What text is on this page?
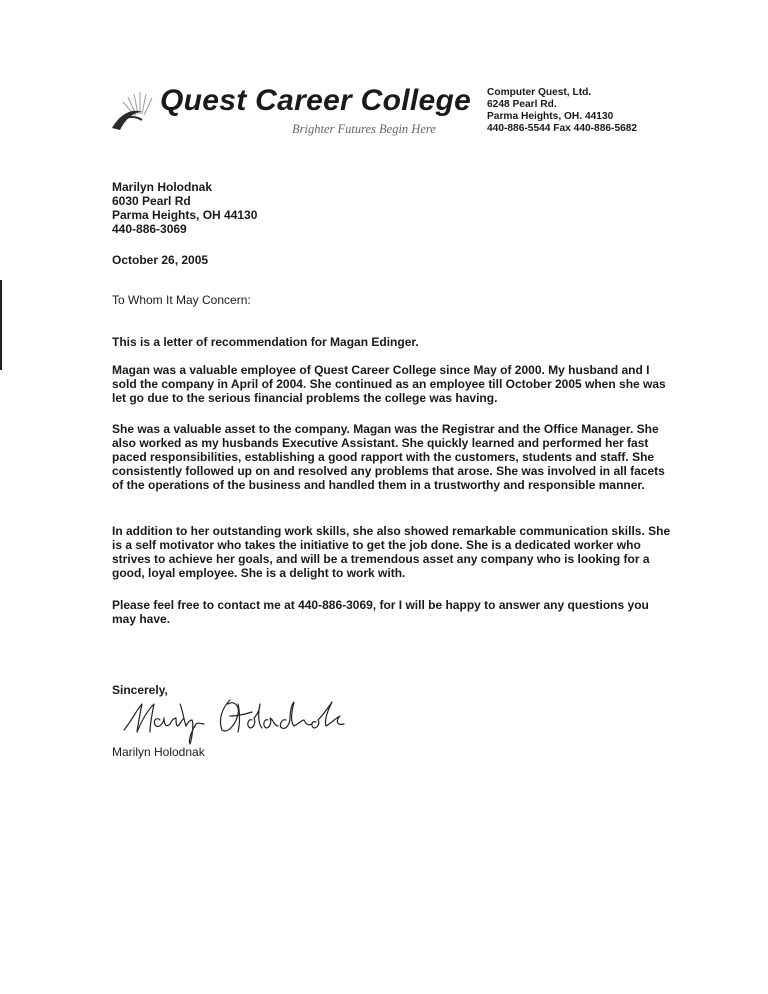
Quest Career College
Brighter Futures Begin Here
Computer Quest, Ltd.
6248 Pearl Rd.
Parma Heights, OH. 44130
440-886-5544 Fax 440-886-5682
Marilyn Holodnak
6030 Pearl Rd
Parma Heights, OH 44130
440-886-3069
October 26, 2005
To Whom It May Concern:

This is a letter of recommendation for Magan Edinger.

Magan was a valuable employee of Quest Career College since May of 2000. My husband and I sold the company in April of 2004. She continued as an employee till October 2005 when she was let go due to the serious financial problems the college was having.

She was a valuable asset to the company. Magan was the Registrar and the Office Manager. She also worked as my husbands Executive Assistant. She quickly learned and performed her fast paced responsibilities, establishing a good rapport with the customers, students and staff. She consistently followed up on and resolved any problems that arose. She was involved in all facets of the operations of the business and handled them in a trustworthy and responsible manner.

In addition to her outstanding work skills, she also showed remarkable communication skills. She is a self motivator who takes the initiative to get the job done. She is a dedicated worker who strives to achieve her goals, and will be a tremendous asset any company who is looking for a good, loyal employee. She is a delight to work with.

Please feel free to contact me at 440-886-3069, for I will be happy to answer any questions you may have.

Sincerely,
Marilyn Holodnak
